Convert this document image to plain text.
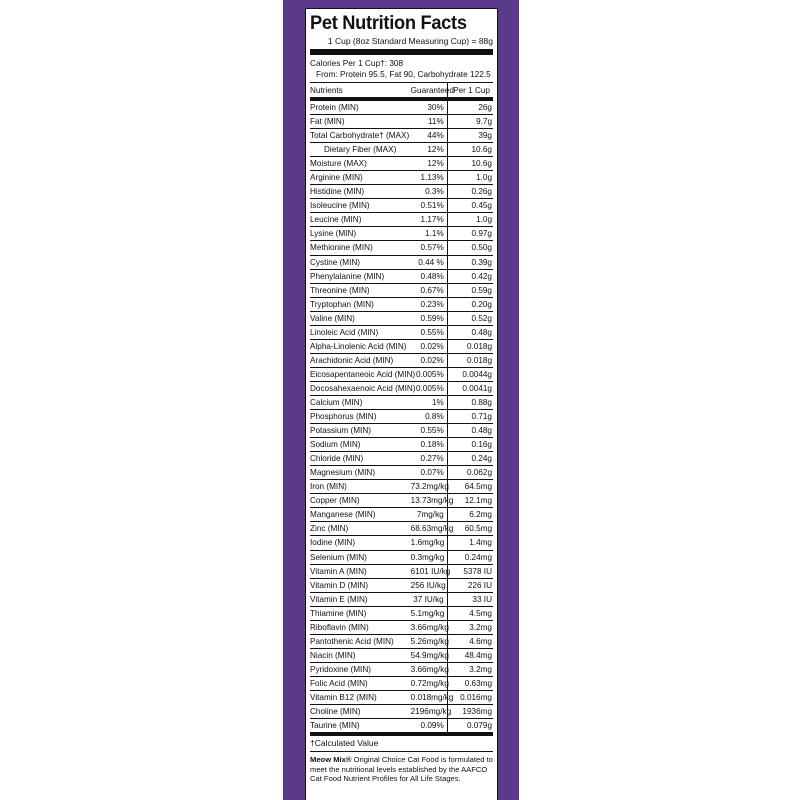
Pet Nutrition Facts
1 Cup (8oz Standard Measuring Cup) = 88g
Calories Per 1 Cup†: 308
From: Protein 95.5, Fat 90, Carbohydrate 122.5
Nutrients	Guaranteed	Per 1 Cup
Protein (MIN)	30%	26g
Fat (MIN)	11%	9.7g
Total Carbohydrate† (MAX)	44%	39g
Dietary Fiber (MAX)	12%	10.6g
Moisture (MAX)	12%	10.6g
Arginine (MIN)	1.13%	1.0g
Histidine (MIN)	0.3%	0.26g
Isoleucine (MIN)	0.51%	0.45g
Leucine (MIN)	1.17%	1.0g
Lysine (MIN)	1.1%	0.97g
Methionine (MIN)	0.57%	0.50g
Cystine (MIN)	0.44 %	0.39g
Phenylalanine (MIN)	0.48%	0.42g
Threonine (MIN)	0.67%	0.59g
Tryptophan (MIN)	0.23%	0.20g
Valine (MIN)	0.59%	0.52g
Linoleic Acid (MIN)	0.55%	0.48g
Alpha-Linolenic Acid (MIN)	0.02%	0.018g
Arachidonic Acid (MIN)	0.02%	0.018g
Eicosapentaneoic Acid (MIN)	0.005%	0.0044g
Docosahexaenoic Acid (MIN)	0.005%	0.0041g
Calcium (MIN)	1%	0.88g
Phosphorus (MIN)	0.8%	0.71g
Potassium (MIN)	0.55%	0.48g
Sodium (MIN)	0.18%	0.16g
Chloride (MIN)	0.27%	0.24g
Magnesium (MIN)	0.07%	0.062g
Iron (MIN)	73.2mg/kg	64.5mg
Copper (MIN)	13.73mg/kg	12.1mg
Manganese (MIN)	7mg/kg	6.2mg
Zinc (MIN)	68.63mg/kg	60.5mg
Iodine (MIN)	1.6mg/kg	1.4mg
Selenium (MIN)	0.3mg/kg	0.24mg
Vitamin A (MIN)	6101 IU/kg	5378 IU
Vitamin D (MIN)	256 IU/kg	226 IU
Vitamin E (MIN)	37 IU/kg	33 IU
Thiamine (MIN)	5.1mg/kg	4.5mg
Riboflavin (MIN)	3.66mg/kg	3.2mg
Pantothenic Acid (MIN)	5.26mg/kg	4.6mg
Niacin (MIN)	54.9mg/kg	48.4mg
Pyridoxine (MIN)	3.66mg/kg	3.2mg
Folic Acid (MIN)	0.72mg/kg	0.63mg
Vitamin B12 (MIN)	0.018mg/kg	0.016mg
Choline (MIN)	2196mg/kg	1936mg
Taurine (MIN)	0.09%	0.079g
†Calculated Value
Meow Mix® Original Choice Cat Food is formulated to meet the nutritional levels established by the AAFCO Cat Food Nutrient Profiles for All Life Stages.
